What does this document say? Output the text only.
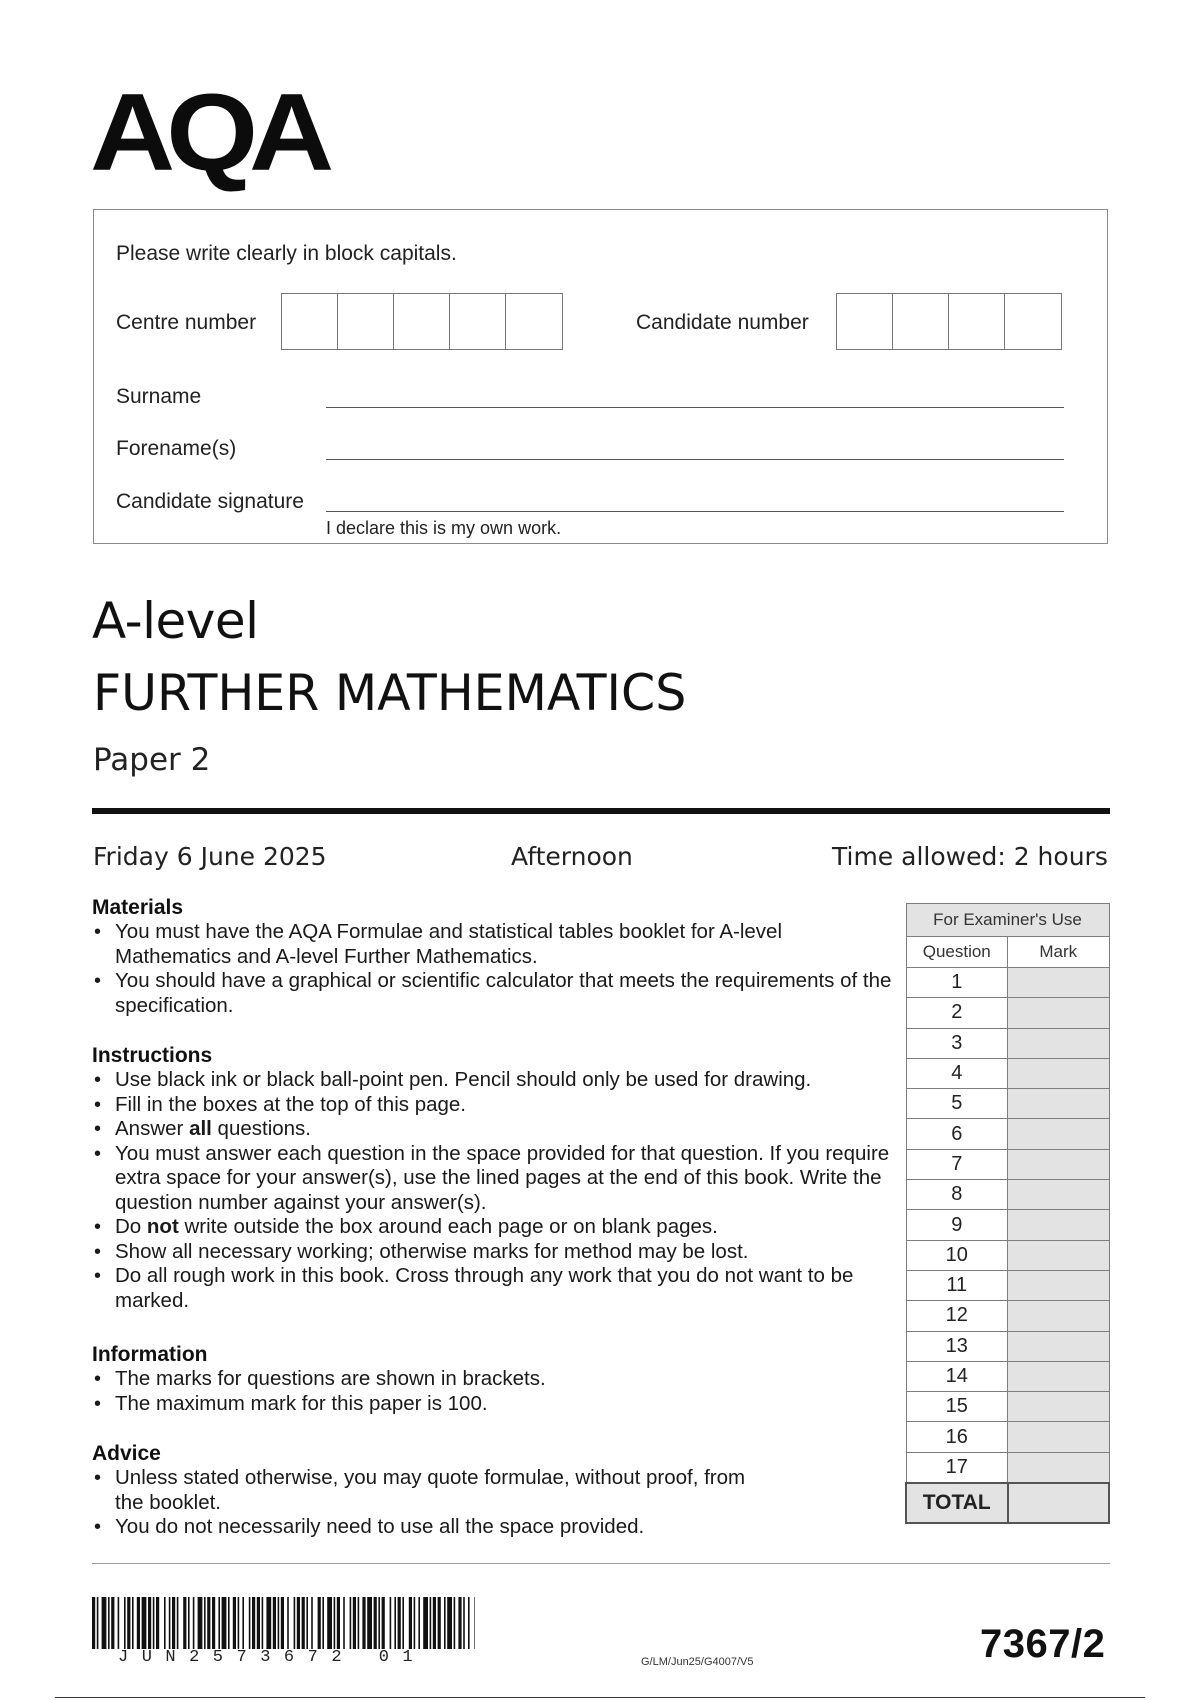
AQA
Please write clearly in block capitals.
Centre number	Candidate number
Surname
Forename(s)
Candidate signature
I declare this is my own work.
A-level
FURTHER MATHEMATICS
Paper 2
Friday 6 June 2025	Afternoon	Time allowed: 2 hours
Materials
• You must have the AQA Formulae and statistical tables booklet for A-level Mathematics and A-level Further Mathematics.
• You should have a graphical or scientific calculator that meets the requirements of the specification.
Instructions
• Use black ink or black ball-point pen. Pencil should only be used for drawing.
• Fill in the boxes at the top of this page.
• Answer all questions.
• You must answer each question in the space provided for that question. If you require extra space for your answer(s), use the lined pages at the end of this book. Write the question number against your answer(s).
• Do not write outside the box around each page or on blank pages.
• Show all necessary working; otherwise marks for method may be lost.
• Do all rough work in this book. Cross through any work that you do not want to be marked.
Information
• The marks for questions are shown in brackets.
• The maximum mark for this paper is 100.
Advice
• Unless stated otherwise, you may quote formulae, without proof, from the booklet.
• You do not necessarily need to use all the space provided.
For Examiner's Use	
Question	Mark
1	
2	
3	
4	
5	
6	
7	
8	
9	
10	
11	
12	
13	
14	
15	
16	
17	
TOTAL	
JUN2573672 01	G/LM/Jun25/G4007/V5	7367/2
